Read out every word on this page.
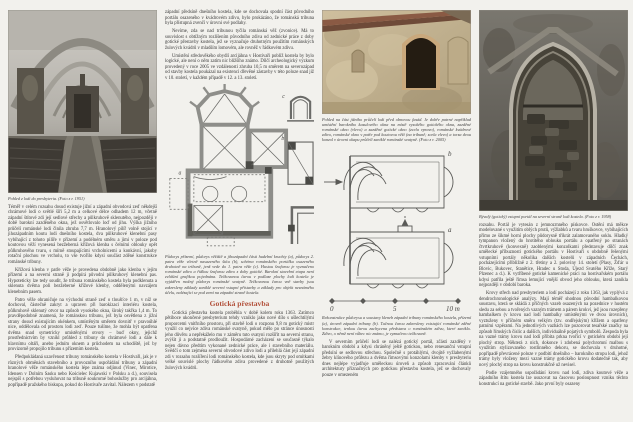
Pohled z lodi do presbyteria. (Foto z r. 1951)

Téměř v celém rozsahu dosud existuje jižní a západní obvodová zeď někdejší chrámové lodi o světlé šíři 5,2 m a celkové délce odhadem 12 m, včetně západní štítové zdi její sedlové střechy a půlkruhově sklenutého, nejpozději v době barokní zazděného okna, jež osvětlovalo loď od jihu. Výška jižního průčelí románské lodi činila zhruba 7,7 m. Hranolový pilíř volně stojící v jihozápadním koutu lodi dnešního kostela, dva půlkruhové klenební pasy vybíhající z tohoto pilíře v přízemí a podélném směru a jimi v poloze pod koutovou věží vynesená bezžeberná křížová klenba s čelními oblouky opět půlkruhového tvaru, s mírně stoupajícími vrcholnicemi a konkávní, jakoby rotační plochou ve vrcholu, to vše tvořilo kdysi součást zděné konstrukce románské tribuny.

Křížová klenba v patře věže je provedena obdobně jako klenba v jejím přízemí a na severní straně ji podpírá původní půlkruhový klenební pas. Hypoteticky lze tedy soudit, že tribuna románského kostela byla podklenuta a sklenuta dvěma poli bezžeberné křížové klenby, oddělenými navzájem klenebním pasem.

Patro věže ohraničuje na východní straně zeď o tloušťce 1 m, v níž se dochoval, částečně zakryt a upraven při barokizaci interiéru kostela, půlkruhově sklenutý otvor na způsob vysokého okna, široký takřka 1,4 m. To pravděpodobně znamená, že románskou tribunu, jež byla osvětlena z jižní strany dosud existujícím okénkem, umístěným směrem dovnitř v pravoúhlé nice, oddělovala od prostoru lodi zeď. Pouze tušíme, že mohla být opatřena dvěma snad symetricky umístěnými otvory – buď okny, jejichž prostřednictvím by vznikl průhled z tribuny do chrámové lodi a dále k hlavnímu oltáři, anebo jedním oknem a průchodem na schodiště, jež by provizorně propojilo tribunu s přízemím kostela.

Předpokládaná uzavřenost tribuny románského kostela v Hostivaři, jak je v různých obměnách stavebního a provozního uspořádání tribuny a západní hranolové věže románského kostela lépe známa odjinud (Vinec, Mirotice, Idensen v Dolním Sasku nebo Kościelec Kujawski v Polsku a d.), souvisela nejspíš s potřebou vysluhovat na tribuně soukromé bohoslužby pro arcijáhna, popřípadě pražského biskupa, pokud do Hostivaře zavítal. Nálezem v podstatě

západní předsíně dnešního kostela, kde se dochovala spodní část původního portálu osazeného v kvádrovém zdivu, bylo prokázáno, že románská tribuna byla přístupná zvenčí v úrovni své podlahy.

Nevíme, zda se nad tribunou tyčila románská věž (zvonice). Má to souvislost s obtížným rozlišením původního zdiva od zednické práce z doby gotické přestavby kostela, jež se vyznačuje druhotným použitím románských žulových kvádrů v mladším lomovém, ale rovněž v řádkovém zdivu.

Umístění středověkého obydlí arcijáhna v Hostivaři poblíž kostela by bylo logické, ale není o něm zatím nic bližšího známo. Dílčí archeologický výzkum provedený v roce 2005 ve vzdálenosti zhruba 10,5 m směrem na severozápad od stavby kostela poukázal na existenci dřevěné zástavby v této poloze snad již v 10. století, v každém případě v 12. a 13. století.

a
b
c

Půdorys přízemí, půdorys věžiště a jihozápadní části hudební kruchty (a), půdorys 2. patra věže včetně nasazeného štítu (b), schéma románského portálku osazeného druhotně na tribuně, jenž vede do 1. patra věže (c). Hustou šrafurou je vyznačeno románské zdivo a řídkou šrafurou zdivo z doby gotické. Barokní stavební etapa není zvláštní grafikou pojednána. Tečkovanou čarou v podlaze plochy lodi kostela je vyjádřen možný půdorys románské svatyně. Tečkovanou čarou vně stavby jsou zakresleny základy zaniklé severní vstupní přístavby a základy pro objekt neznámého účelu, nalézající se pod zemí na západní straně kostela.

Gotická přestavba

Gotická přestavba kostela proběhla v době kolem roku 1363. Zatímco pětiboce ukončené presbyterium tehdy vzniklo jako nové dílo s ušlechtilými proporcemi vnitřního prostoru, při stavbě lodi o rozponu 9,8 m gotický mistr využil co nejvíce zdiva románské svatyně, pokud mělo po stránce únosnosti jeho důvěru a nepřekáželo mu v záměru tuto svatyni rozšířit na severní stranu, zvýšit ji a podstatně prodloužit. Hospodárné zacházení se současně týkalo nejen dávno předtím vykonané zednické práce, ale i stavebního materiálu. Svědčí o tom zejména severní obvodové zdivo lodi a přilehlá část její západní zdi v rozsahu rozšíření lodi románského kostela, kde jsou skryty pod omítkami velké souvislé plochy řádkového zdiva provedené z druhotně použitých žulových kvádrů.

Pohled na část jižního průčelí lodi před obnovou fasád. Je dobře patrné například umístění barokního kasulového okna na místě vysokého gotického okna, zazděné románské okno (vlevo) a zazděné gotické okno (zcela vpravo), románské kvádrové zdivo, románské okno v patře pod koutovou věží (na tribuně; zcela vlevo) a torza dvou konzol v úrovni okapu průčelí zaniklé románské svatyně. (Foto z r. 2005)

b
a
0	5	10 m

Rekonstrukce půdorysu a soustavy kleneb západní tribuny románského kostela, přízemí (a), úroveň západní tribuny (b). Tučnou čarou zakresleny existující románské zděné konstrukce, tenkou čarou zachycena představa o románském zdivu, které zaniklo. Zdivo, o němž není vůbec nic známo, je vyznačeno tečkovaně.

V severním průčelí lodi se nalézá gotický portál, zčásti zazděný v barokním období a kdysi chráněný ještě gotickou, nebo renesanční vstupní předsíní se sedlovou střechou. Společně s protáhlými, dvojitě vyžlabenými žebry klínového průřezu a dvěma římsovými konzolami klenby v presbyteriu dnes nejlépe vyjadřuje uměleckou úroveň a způsob zpracování článků architektury příznačných pro gotickou přestavbu kostela, jež se dochovaly pouze v omezeném

Bývalý (gotický) vstupní portál na severní straně lodi kostela. (Foto z r. 1958)

rozsahu. Portál je vytesán z jemnozrnného pískovce. Ostění má měkce modelované s využitím oblých prutů, výžlabků a tvaru hruškovce, vybíhajících přímo ze šikmé horní plochy půdorysně třikrát zalamovaného soklu. Hladký tympanon vložený do hrotitého oblouku portálu a opatřený po stranách čtvrtkruhově (konvexně) zaoblenými konzolkami představuje dílčí znak umělecké příbuznosti gotického portálu v Hostivaři s obdobně řešenými vstupními portály několika dalších kostelů v západních Čechách, pocházejícími přibližně z 2. třetiny a 2. poloviny 14. století (Plasy, Žďár u Blovic, Bukovec, Stanětice, Hradec u Stoda, Újezd Svatého Kříže, Starý Plzenec a d.). K vytříbené gotické kamenické práci na hostivařském portálu kdysi patřila ještě římsa lemující vnější obvod jeho oblouku, která zanikla nejpozději v období baroka.

Krovy střech nad presbyteriem a lodí pocházejí z roku 1363, jak vyplývá z dendrochronologické analýzy. Mají téměř shodnou původní hambalkovou soustavu, která se skládá z příčných vazeb osazených na pozednice v hustém sledu za sebou a tvořených vazným trámem a párem krokví, jež jsou rozepřeny hambalkem (v krovu nad lodí hambalky umístěnými ve dvou úrovních), vyztuženy v příčném směru velkým (tzv. ondřejským) křížem a opatřeny patními vzpěrami. Na jednotlivých vazbách lze pozorovat tesařské značky na způsob římských číslic a dalších, individuálně pojatých symbolů. Zespoda byla na vazné trámy krovu nad lodí přibita prkna tvořící v gotickém období její plochý strop. Některá z nich, dokonce i zdobená polychromní malbou s využitím stylizovaného rostlinného dekoru, se dochovala v druhotné, popřípadě převrácené poloze v podbití dnešního – barokního stropu lodi, jehož trámy byly vloženy mezi vazné trámy gotického krovu dodatečně tak, aby nový plochý strop na krovu konstrukčně už nevisel.

Podle vzájemného uspořádání krovu nad lodí, zdiva koutové věže a západního štítu kostela lze usuzovat na časovou posloupnost vzniku těchto konstrukcí na gotické stavbě. Jako první byly osazeny
